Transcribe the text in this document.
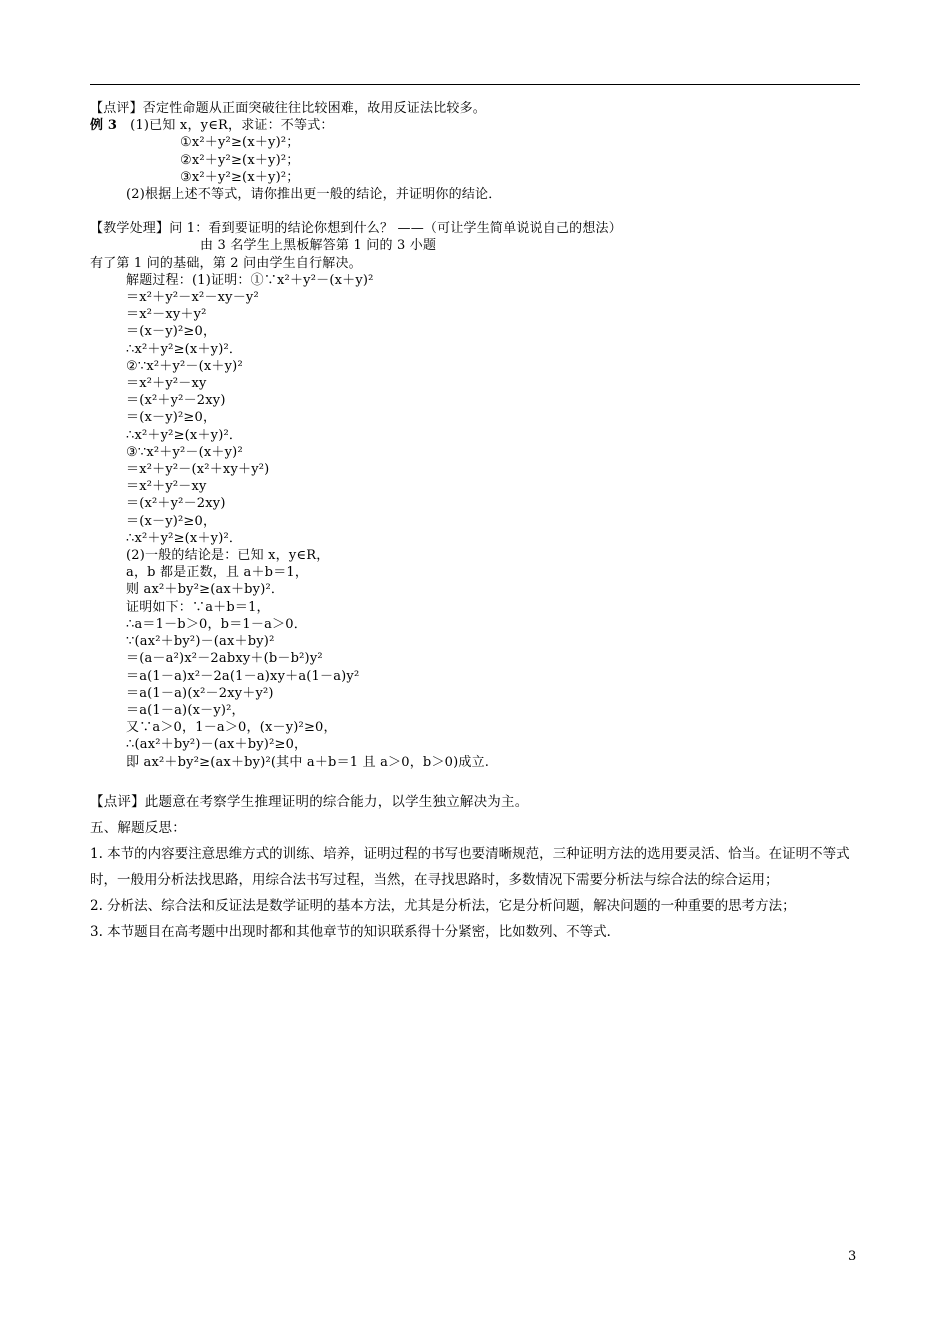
【点评】否定性命题从正面突破往往比较困难，故用反证法比较多。
例 3 (1)已知 x，y∈R，求证：不等式：
①x²＋y²≥(x＋y)²；
②x²＋y²≥(x＋y)²；
③x²＋y²≥(x＋y)²；
(2)根据上述不等式，请你推出更一般的结论，并证明你的结论．
【教学处理】问 1：看到要证明的结论你想到什么？ ——（可让学生简单说说自己的想法）
由 3 名学生上黑板解答第 1 问的 3 小题
有了第 1 问的基础，第 2 问由学生自行解决。
解题过程：(1)证明：①∵x²＋y²－(x＋y)²
＝x²＋y²－x²－xy－y²
＝x²－xy＋y²
＝(x－y)²≥0，
∴x²＋y²≥(x＋y)²．
②∵x²＋y²－(x＋y)²
＝x²＋y²－xy
＝(x²＋y²－2xy)
＝(x－y)²≥0，
∴x²＋y²≥(x＋y)²．
③∵x²＋y²－(x＋y)²
＝x²＋y²－(x²＋xy＋y²)
＝x²＋y²－xy
＝(x²＋y²－2xy)
＝(x－y)²≥0，
∴x²＋y²≥(x＋y)²．
(2)一般的结论是：已知 x，y∈R，
a，b 都是正数，且 a＋b＝1，
则 ax²＋by²≥(ax＋by)²．
证明如下：∵a＋b＝1，
∴a＝1－b＞0，b＝1－a＞0．
∵(ax²＋by²)－(ax＋by)²
＝(a－a²)x²－2abxy＋(b－b²)y²
＝a(1－a)x²－2a(1－a)xy＋a(1－a)y²
＝a(1－a)(x²－2xy＋y²)
＝a(1－a)(x－y)²，
又∵a＞0，1－a＞0，(x－y)²≥0，
∴(ax²＋by²)－(ax＋by)²≥0，
即 ax²＋by²≥(ax＋by)²(其中 a＋b＝1 且 a＞0，b＞0)成立.
【点评】此题意在考察学生推理证明的综合能力，以学生独立解决为主。
五、解题反思：
1. 本节的内容要注意思维方式的训练、培养，证明过程的书写也要清晰规范，三种证明方法的选用要灵活、恰当。在证明不等式时，一般用分析法找思路，用综合法书写过程，当然，在寻找思路时，多数情况下需要分析法与综合法的综合运用；
2. 分析法、综合法和反证法是数学证明的基本方法，尤其是分析法，它是分析问题，解决问题的一种重要的思考方法；
3. 本节题目在高考题中出现时都和其他章节的知识联系得十分紧密，比如数列、不等式．
3
